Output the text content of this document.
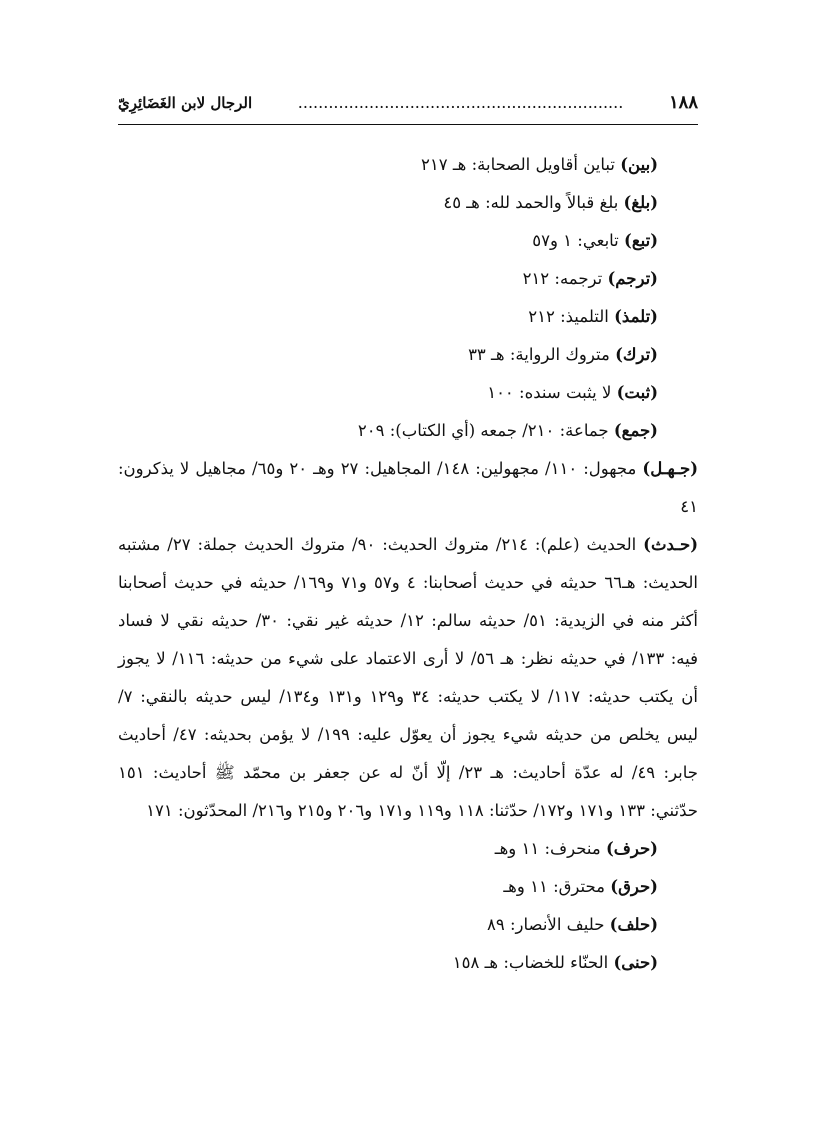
١٨٨
................................................................
الرجال لابن الغَضَائِرِيّ

(بين) تباين أقاويل الصحابة: هـ ٢١٧

(بلغ) بلغ قبالاً والحمد لله: هـ ٤٥

(تبع) تابعي: ١ و٥٧

(ترجم) ترجمه: ٢١٢

(تلمذ) التلميذ: ٢١٢

(ترك) متروك الرواية: هـ ٣٣

(ثبت) لا يثبت سنده: ١٠٠

(جمع) جماعة: ٢١٠/ جمعه (أي الكتاب): ٢٠٩

(جـهـل) مجهول: ١١٠/ مجهولين: ١٤٨/ المجاهيل: ٢٧ وهـ ٢٠ و٦٥/ مجاهيل لا يذكرون: ٤١

(حـدث) الحديث (علم): ٢١٤/ متروك الحديث: ٩٠/ متروك الحديث جملة: ٢٧/ مشتبه الحديث: هـ٦٦ حديثه في حديث أصحابنا: ٤ و٥٧ و٧١ و١٦٩/ حديثه في حديث أصحابنا أكثر منه في الزيدية: ٥١/ حديثه سالم: ١٢/ حديثه غير نقي: ٣٠/ حديثه نقي لا فساد فيه: ١٣٣/ في حديثه نظر: هـ ٥٦/ لا أرى الاعتماد على شيء من حديثه: ١١٦/ لا يجوز أن يكتب حديثه: ١١٧/ لا يكتب حديثه: ٣٤ و١٢٩ و١٣١ و١٣٤/ ليس حديثه بالنقي: ٧/ ليس يخلص من حديثه شيء يجوز أن يعوّل عليه: ١٩٩/ لا يؤمن بحديثه: ٤٧/ أحاديث جابر: ٤٩/ له عدّة أحاديث: هـ ٢٣/ إلّا أنّ له عن جعفر بن محمّد ﷺ أحاديث: ١٥١ حدّثني: ١٣٣ و١٧١ و١٧٢/ حدّثنا: ١١٨ و١١٩ و١٧١ و٢٠٦ و٢١٥ و٢١٦/ المحدّثون: ١٧١

(حرف) منحرف: ١١ وهـ

(حرق) محترق: ١١ وهـ

(حلف) حليف الأنصار: ٨٩

(حنى) الحنّاء للخضاب: هـ ١٥٨
